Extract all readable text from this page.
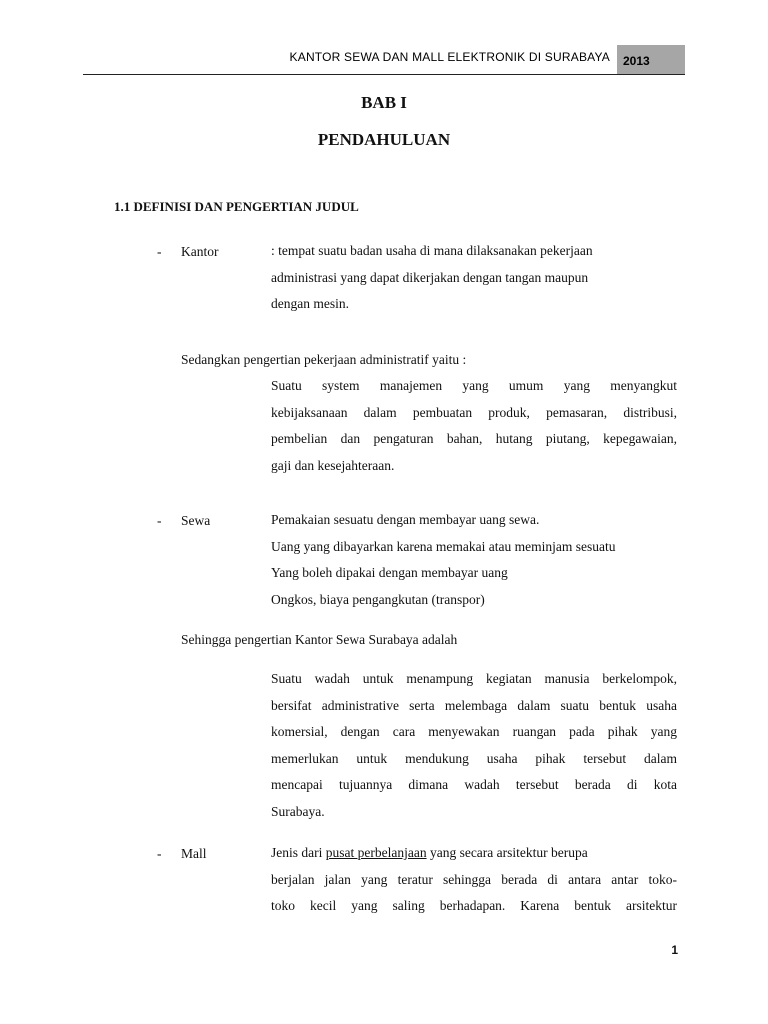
KANTOR SEWA DAN MALL ELEKTRONIK DI SURABAYA	2013
BAB I
PENDAHULUAN
1.1 DEFINISI DAN PENGERTIAN JUDUL
- Kantor	: tempat suatu badan usaha di mana dilaksanakan pekerjaan
administrasi yang dapat dikerjakan dengan tangan maupun
dengan mesin.
Sedangkan pengertian pekerjaan administratif yaitu :
Suatu system manajemen yang umum yang menyangkut
kebijaksanaan dalam pembuatan produk, pemasaran, distribusi,
pembelian dan pengaturan bahan, hutang piutang, kepegawaian,
gaji dan kesejahteraan.
- Sewa	Pemakaian sesuatu dengan membayar uang sewa.
Uang yang dibayarkan karena memakai atau meminjam sesuatu
Yang boleh dipakai dengan membayar uang
Ongkos, biaya pengangkutan (transpor)
Sehingga pengertian Kantor Sewa Surabaya adalah
Suatu wadah untuk menampung kegiatan manusia berkelompok,
bersifat administrative serta melembaga dalam suatu bentuk usaha
komersial, dengan cara menyewakan ruangan pada pihak yang
memerlukan untuk mendukung usaha pihak tersebut dalam
mencapai tujuannya dimana wadah tersebut berada di kota
Surabaya.
- Mall	Jenis dari pusat perbelanjaan yang secara arsitektur berupa
berjalan jalan yang teratur sehingga berada di antara antar toko-
toko kecil yang saling berhadapan. Karena bentuk arsitektur
1
